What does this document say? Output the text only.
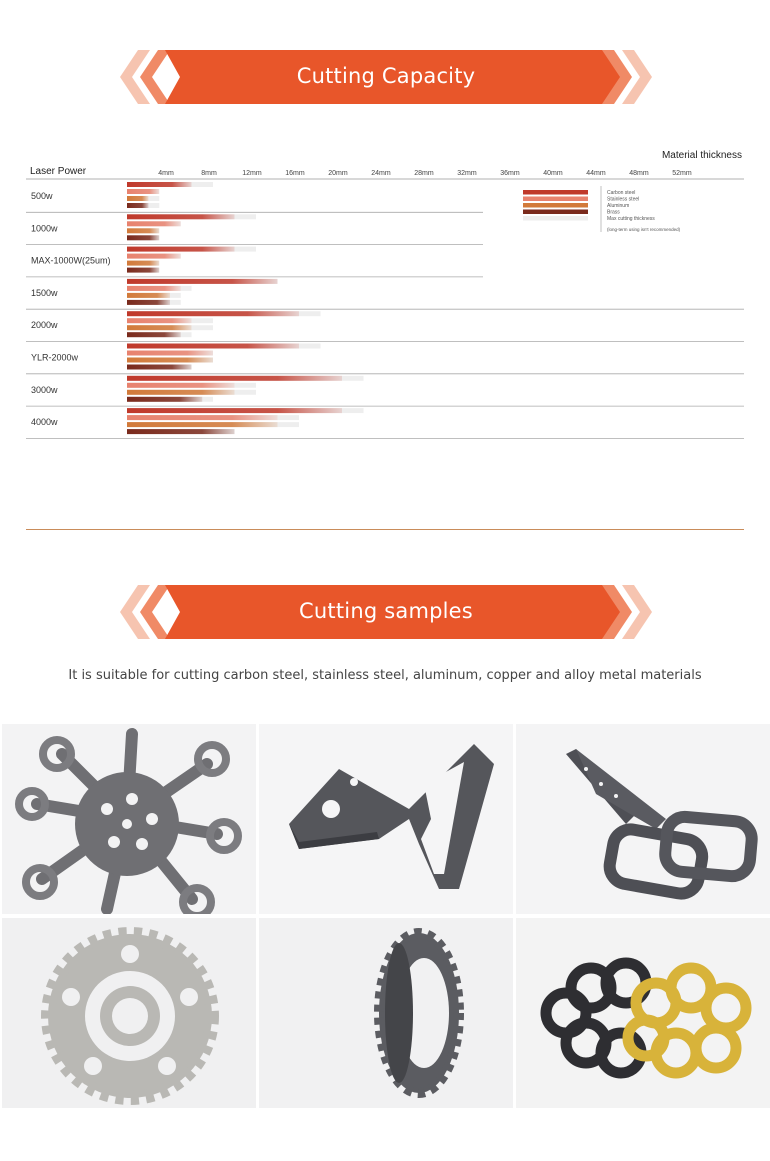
Cutting Capacity
Laser Power
Material thickness
4mm	8mm	12mm	16mm	20mm	24mm	28mm	32mm	36mm	40mm	44mm	48mm	52mm
500w
1000w
MAX-1000W(25um)
1500w
2000w
YLR-2000w
3000w
4000w
Carbon steel
Stainless steel
Aluminum
Brass
Max cutting thickness
(long-term using isn't recommended)
Cutting samples
It is suitable for cutting carbon steel, stainless steel, aluminum, copper and alloy metal materials
